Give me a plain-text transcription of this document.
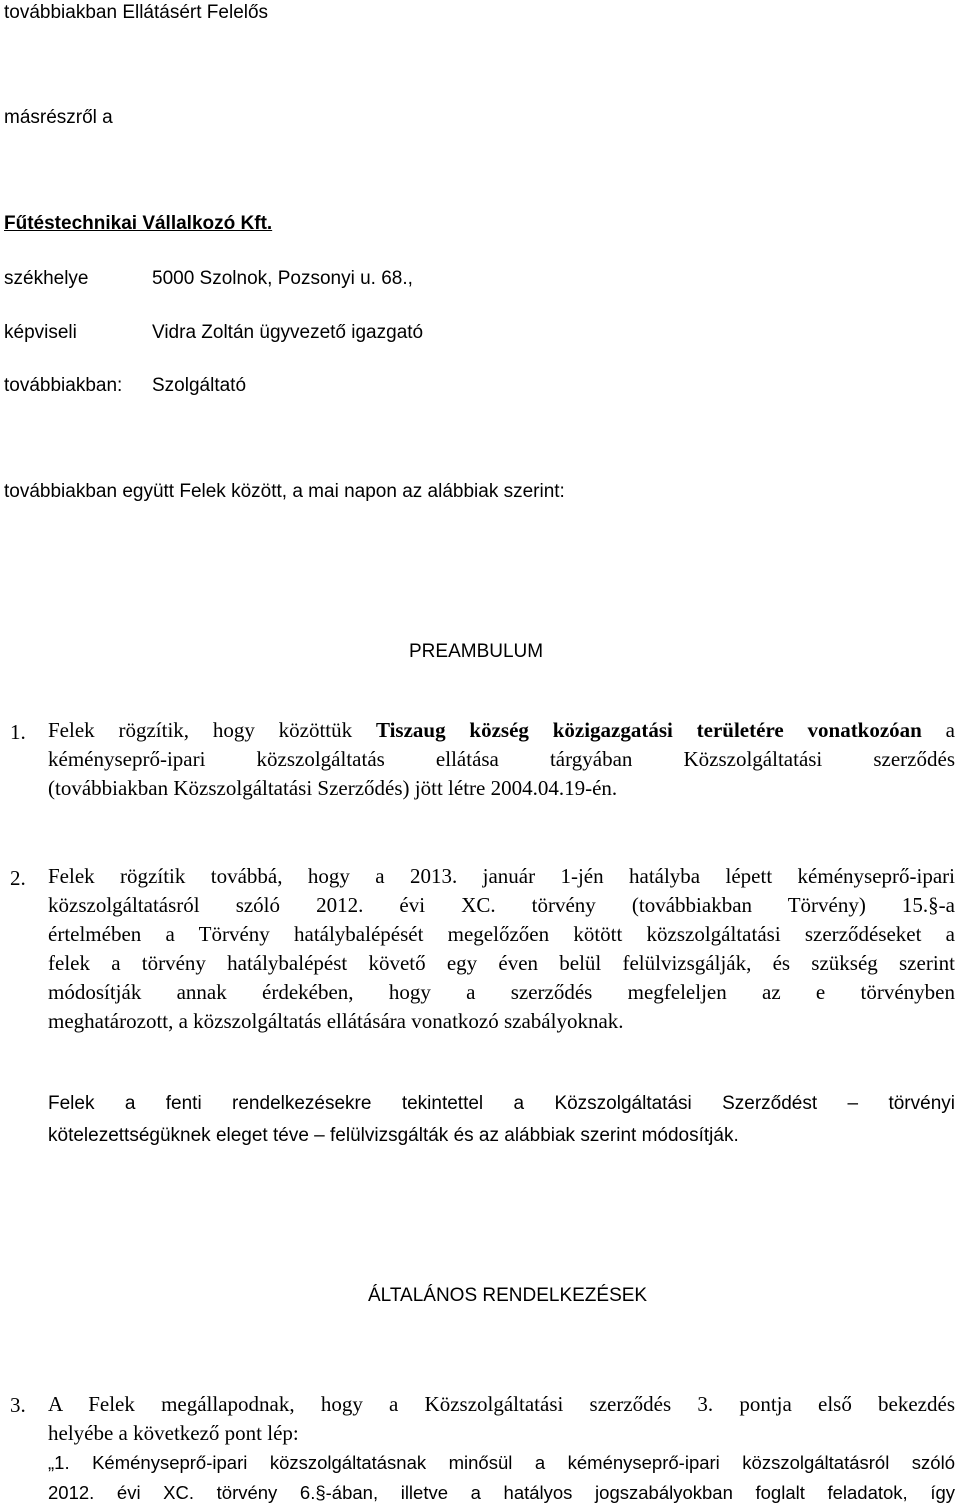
továbbiakban Ellátásért Felelős
másrészről a
Fűtéstechnikai Vállalkozó Kft.
székhelye	5000 Szolnok, Pozsonyi u. 68.,
képviseli	Vidra Zoltán ügyvezető igazgató
továbbiakban: Szolgáltató
továbbiakban együtt Felek között, a mai napon az alábbiak szerint:
PREAMBULUM
1. Felek rögzítik, hogy közöttük Tiszaug község közigazgatási területére vonatkozóan a
kéményseprő-ipari közszolgáltatás ellátása tárgyában Közszolgáltatási szerződés
(továbbiakban Közszolgáltatási Szerződés) jött létre 2004.04.19-én.
2. Felek rögzítik továbbá, hogy a 2013. január 1-jén hatályba lépett kéményseprő-ipari
közszolgáltatásról szóló 2012. évi XC. törvény (továbbiakban Törvény) 15.§-a
értelmében a Törvény hatálybalépését megelőzően kötött közszolgáltatási szerződéseket a
felek a törvény hatálybalépést követő egy éven belül felülvizsgálják, és szükség szerint
módosítják annak érdekében, hogy a szerződés megfeleljen az e törvényben
meghatározott, a közszolgáltatás ellátására vonatkozó szabályoknak.
Felek a fenti rendelkezésekre tekintettel a Közszolgáltatási Szerződést – törvényi
kötelezettségüknek eleget téve – felülvizsgálták és az alábbiak szerint módosítják.
ÁLTALÁNOS RENDELKEZÉSEK
3. A Felek megállapodnak, hogy a Közszolgáltatási szerződés 3. pontja első bekezdés
helyébe a következő pont lép:
„1. Kéményseprő-ipari közszolgáltatásnak minősül a kéményseprő-ipari közszolgáltatásról szóló
2012. évi XC. törvény 6.§-ában, illetve a hatályos jogszabályokban foglalt feladatok, így
